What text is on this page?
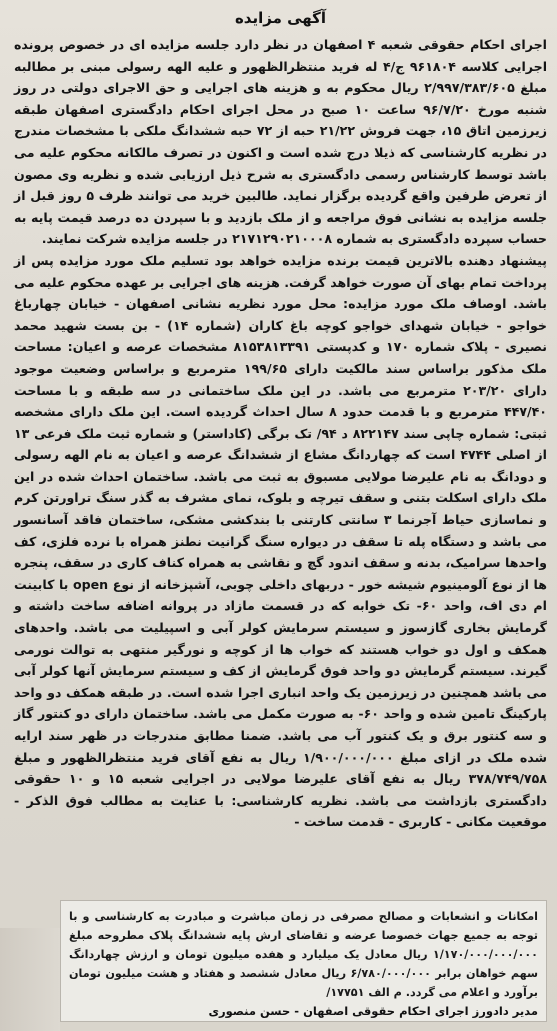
آگهی مزایده

اجرای احکام حقوقی شعبه ۴ اصفهان در نظر دارد جلسه مزایده ای در خصوص پرونده اجرایی کلاسه ۹۶۱۸۰۴ ج/۴ له فرید منتظرالظهور و علیه الهه رسولی مبنی بر مطالبه مبلغ ۲/۹۹۷/۳۸۳/۶۰۵ ریال محکوم به و هزینه های اجرایی و حق الاجرای دولتی در روز شنبه مورخ ۹۶/۷/۲۰ ساعت ۱۰ صبح در محل اجرای احکام دادگستری اصفهان طبقه زیرزمین اتاق ۱۵، جهت فروش ۲۱/۲۲ حبه از ۷۲ حبه ششدانگ ملکی با مشخصات مندرج در نظریه کارشناسی که ذیلا درج شده است و اکنون در تصرف مالکانه محکوم علیه می باشد توسط کارشناس رسمی دادگستری به شرح ذیل ارزیابی شده و نظریه وی مصون از تعرض طرفین واقع گردیده برگزار نماید. طالبین خرید می توانند ظرف ۵ روز قبل از جلسه مزایده به نشانی فوق مراجعه و از ملک بازدید و با سپردن ده درصد قیمت پایه به حساب سپرده دادگستری به شماره ۲۱۷۱۲۹۰۲۱۰۰۰۸ در جلسه مزایده شرکت نمایند.

پیشنهاد دهنده بالاترین قیمت برنده مزایده خواهد بود تسلیم ملک مورد مزایده پس از پرداخت تمام بهای آن صورت خواهد گرفت. هزینه های اجرایی بر عهده محکوم علیه می باشد. اوصاف ملک مورد مزایده: محل مورد نظریه نشانی اصفهان - خیابان چهارباغ خواجو - خیابان شهدای خواجو کوچه باغ کاران (شماره ۱۴) - بن بست شهید محمد نصیری - پلاک شماره ۱۷۰ و کدپستی ۸۱۵۳۸۱۳۳۹۱ مشخصات عرصه و اعیان: مساحت ملک مذکور براساس سند مالکیت دارای ۱۹۹/۶۵ مترمربع و براساس وضعیت موجود دارای ۲۰۳/۲۰ مترمربع می باشد. در این ملک ساختمانی در سه طبقه و با مساحت ۴۴۷/۴۰ مترمربع و با قدمت حدود ۸ سال احداث گردیده است. این ملک دارای مشخصه ثبتی: شماره چاپی سند ۸۲۲۱۴۷ د ۹۴/ تک برگی (کاداستر) و شماره ثبت ملک فرعی ۱۳ از اصلی ۴۷۴۴ است که چهاردانگ مشاع از ششدانگ عرصه و اعیان به نام الهه رسولی و دودانگ به نام علیرضا مولایی مسبوق به ثبت می باشد. ساختمان احداث شده در این ملک دارای اسکلت بتنی و سقف تیرچه و بلوک، نمای مشرف به گذر سنگ تراورتن کرم و نماسازی حیاط آجرنما ۳ سانتی کارتنی با بندکشی مشکی، ساختمان فاقد آسانسور می باشد و دستگاه پله تا سقف در دیواره سنگ گرانیت نطنز همراه با نرده فلزی، کف واحدها سرامیک، بدنه و سقف اندود گچ و نقاشی به همراه کناف کاری در سقف، پنجره ها از نوع آلومینیوم شیشه خور - دربهای داخلی چوبی، آشپزخانه از نوع open با کابینت ام دی اف، واحد ۶۰- تک خوابه که در قسمت مازاد در پروانه اضافه ساخت داشته و گرمایش بخاری گازسوز و سیستم سرمایش کولر آبی و اسپیلیت می باشد. واحدهای همکف و اول دو خواب هستند که خواب ها از کوچه و نورگیر منتهی به توالت نورمی گیرند. سیستم گرمایش دو واحد فوق گرمایش از کف و سیستم سرمایش آنها کولر آبی می باشد همچنین در زیرزمین یک واحد انباری اجرا شده است. در طبقه همکف دو واحد پارکینگ تامین شده و واحد ۶۰- به صورت مکمل می باشد. ساختمان دارای دو کنتور گاز و سه کنتور برق و یک کنتور آب می باشد. ضمنا مطابق مندرجات در ظهر سند ارایه شده ملک در ازای مبلغ ۱/۹۰۰/۰۰۰/۰۰۰ ریال به نفع آقای فرید منتظرالظهور و مبلغ ۳۷۸/۷۴۹/۷۵۸ ریال به نفع آقای علیرضا مولایی در اجرایی شعبه ۱۵ و ۱۰ حقوقی دادگستری بازداشت می باشد. نظریه کارشناسی: با عنایت به مطالب فوق الذکر - موقعیت مکانی - کاربری - قدمت ساخت -

امکانات و انشعابات و مصالح مصرفی در زمان مباشرت و مبادرت به کارشناسی و با توجه به جمیع جهات خصوصا عرضه و تقاضای ارش پایه ششدانگ پلاک مطروحه مبلغ ۱/۱۷۰/۰۰۰/۰۰۰/۰۰۰ ریال معادل یک میلیارد و هفده میلیون تومان و ارزش چهاردانگ سهم خواهان برابر ۶/۷۸۰/۰۰۰/۰۰۰ ریال معادل ششصد و هفتاد و هشت میلیون تومان برآورد و اعلام می گردد. م الف ۱۷۷۵۱/
مدیر دادورز اجرای احکام حقوقی اصفهان - حسن منصوری
